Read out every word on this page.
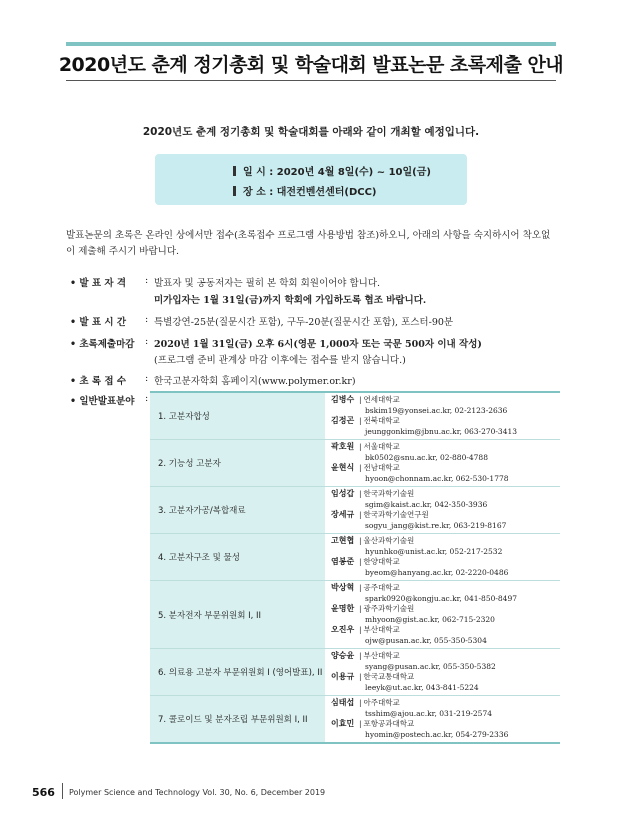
2020년도 춘계 정기총회 및 학술대회 발표논문 초록제출 안내
2020년도 춘계 정기총회 및 학술대회를 아래와 같이 개최할 예정입니다.
일 시 : 2020년 4월 8일(수) ~ 10일(금)
장 소 : 대전컨벤션센터(DCC)
발표논문의 초록은 온라인 상에서만 접수(초록접수 프로그램 사용방법 참조)하오니, 아래의 사항을 숙지하시어 착오없이 제출해 주시기 바랍니다.
• 발 표 자 격	: 발표자 및 공동저자는 필히 본 학회 회원이어야 합니다.
미가입자는 1월 31일(금)까지 학회에 가입하도록 협조 바랍니다.
• 발 표 시 간	: 특별강연-25분(질문시간 포함), 구두-20분(질문시간 포함), 포스터-90분
• 초록제출마감	: 2020년 1월 31일(금) 오후 6시(영문 1,000자 또는 국문 500자 이내 작성)
(프로그램 준비 관계상 마감 이후에는 접수를 받지 않습니다.)
• 초 록 접 수	: 한국고분자학회 홈페이지(www.polymer.or.kr)
• 일반발표분야	:
1. 고분자합성
김병수 | 연세대학교
bskim19@yonsei.ac.kr, 02-2123-2636
김정곤 | 전북대학교
jeunggonkim@jbnu.ac.kr, 063-270-3413
2. 기능성 고분자
곽호원 | 서울대학교
bk0502@snu.ac.kr, 02-880-4788
윤현식 | 전남대학교
hyoon@chonnam.ac.kr, 062-530-1778
3. 고분자가공/복합재료
임성갑 | 한국과학기술원
sgim@kaist.ac.kr, 042-350-3936
장세규 | 한국과학기술연구원
sogyu_jang@kist.re.kr, 063-219-8167
4. 고분자구조 및 물성
고현협 | 울산과학기술원
hyunhko@unist.ac.kr, 052-217-2532
염봉준 | 한양대학교
byeom@hanyang.ac.kr, 02-2220-0486
5. 분자전자 부문위원회 I, II
박상혁 | 공주대학교
spark0920@kongju.ac.kr, 041-850-8497
윤명한 | 광주과학기술원
mhyoon@gist.ac.kr, 062-715-2320
오진우 | 부산대학교
ojw@pusan.ac.kr, 055-350-5304
6. 의료용 고분자 부문위원회 I (영어발표), II
양승윤 | 부산대학교
syang@pusan.ac.kr, 055-350-5382
이용규 | 한국교통대학교
leeyk@ut.ac.kr, 043-841-5224
7. 콜로이드 및 분자조립 부문위원회 I, II
심태섭 | 아주대학교
tsshim@ajou.ac.kr, 031-219-2574
이효민 | 포항공과대학교
hyomin@postech.ac.kr, 054-279-2336
566 Polymer Science and Technology Vol. 30, No. 6, December 2019
